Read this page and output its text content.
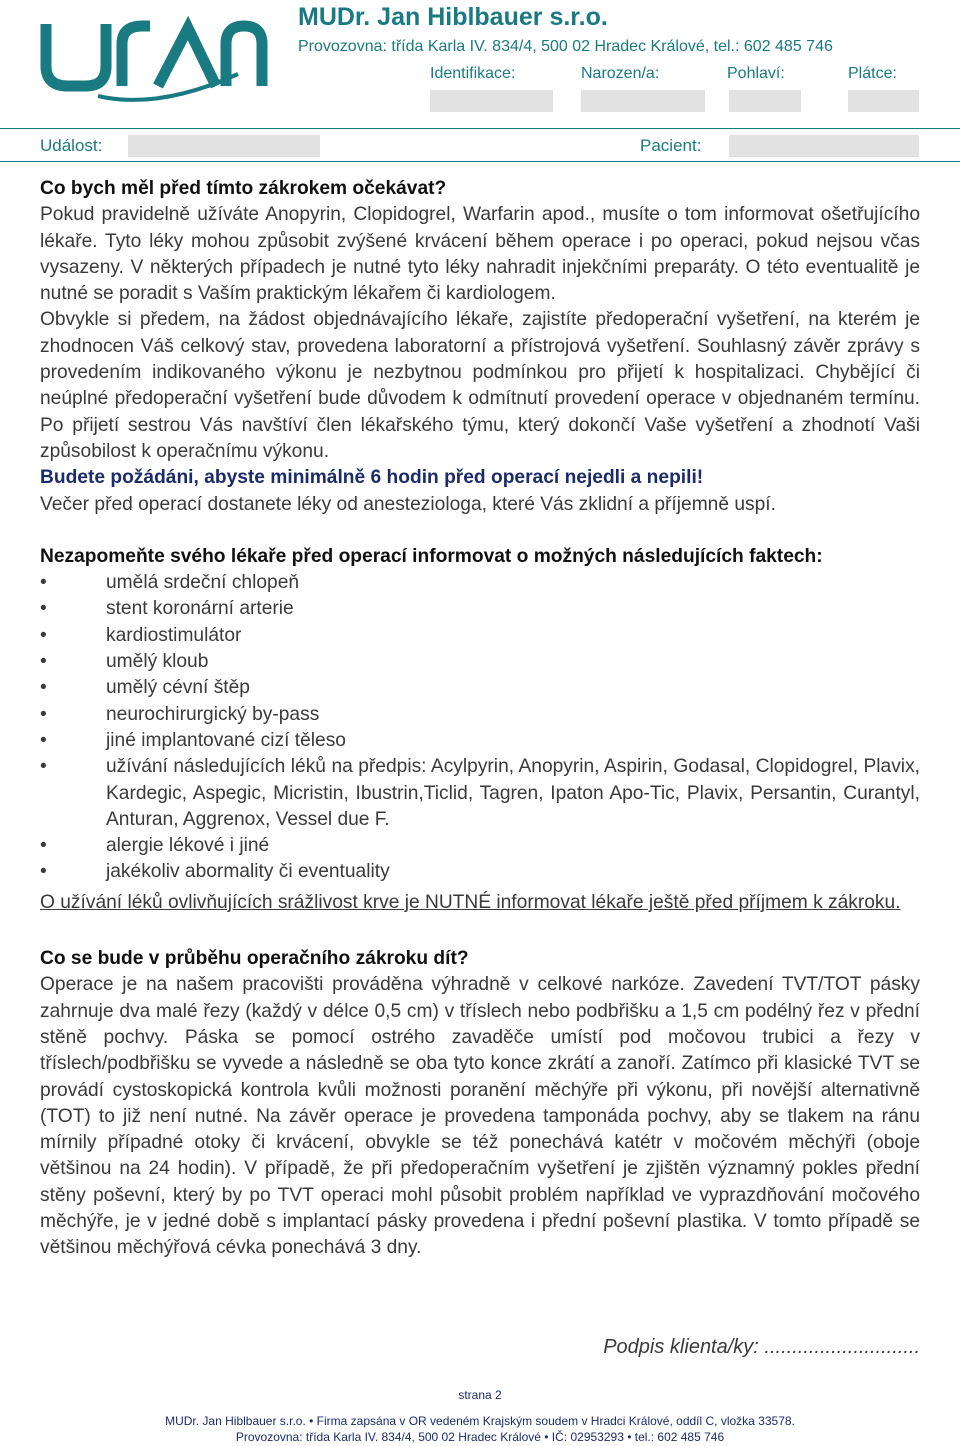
URAN	MUDr. Jan Hiblbauer s.r.o.
Provozovna: třída Karla IV. 834/4, 500 02 Hradec Králové, tel.: 602 485 746
Identifikace:	Narozen/a:	Pohlaví:	Plátce:
Událost:	Pacient:

Co bych měl před tímto zákrokem očekávat?

Pokud pravidelně užíváte Anopyrin, Clopidogrel, Warfarin apod., musíte o tom informovat ošetřujícího lékaře. Tyto léky mohou způsobit zvýšené krvácení během operace i po operaci, pokud nejsou včas vysazeny. V některých případech je nutné tyto léky nahradit injekčními preparáty. O této eventualitě je nutné se poradit s Vaším praktickým lékařem či kardiologem.

Obvykle si předem, na žádost objednávajícího lékaře, zajistíte předoperační vyšetření, na kterém je zhodnocen Váš celkový stav, provedena laboratorní a přístrojová vyšetření. Souhlasný závěr zprávy s provedením indikovaného výkonu je nezbytnou podmínkou pro přijetí k hospitalizaci. Chybějící či neúplné předoperační vyšetření bude důvodem k odmítnutí provedení operace v objednaném termínu. Po přijetí sestrou Vás navštíví člen lékařského týmu, který dokončí Vaše vyšetření a zhodnotí Vaši způsobilost k operačnímu výkonu.

Budete požádáni, abyste minimálně 6 hodin před operací nejedli a nepili!

Večer před operací dostanete léky od anesteziologa, které Vás zklidní a příjemně uspí.

Nezapomeňte svého lékaře před operací informovat o možných následujících faktech:

• umělá srdeční chlopeň
• stent koronární arterie
• kardiostimulátor
• umělý kloub
• umělý cévní štěp
• neurochirurgický by-pass
• jiné implantované cizí těleso
• užívání následujících léků na předpis: Acylpyrin, Anopyrin, Aspirin, Godasal, Clopidogrel, Plavix, Kardegic, Aspegic, Micristin, Ibustrin,Ticlid, Tagren, Ipaton Apo-Tic, Plavix, Persantin, Curantyl, Anturan, Aggrenox, Vessel due F.
• alergie lékové i jiné
• jakékoliv abormality či eventuality

O užívání léků ovlivňujících srážlivost krve je NUTNÉ informovat lékaře ještě před příjmem k zákroku.

Co se bude v průběhu operačního zákroku dít?

Operace je na našem pracovišti prováděna výhradně v celkové narkóze. Zavedení TVT/TOT pásky zahrnuje dva malé řezy (každý v délce 0,5 cm) v tříslech nebo podbřišku a 1,5 cm podélný řez v přední stěně pochvy. Páska se pomocí ostrého zavaděče umístí pod močovou trubici a řezy v tříslech/podbřišku se vyvede a následně se oba tyto konce zkrátí a zanoří. Zatímco při klasické TVT se provádí cystoskopická kontrola kvůli možnosti poranění měchýře při výkonu, při novější alternativně (TOT) to již není nutné. Na závěr operace je provedena tamponáda pochvy, aby se tlakem na ránu mírnily případné otoky či krvácení, obvykle se též ponechává katétr v močovém měchýři (oboje většinou na 24 hodin). V případě, že při předoperačním vyšetření je zjištěn významný pokles přední stěny poševní, který by po TVT operaci mohl působit problém například ve vyprazdňování močového měchýře, je v jedné době s implantací pásky provedena i přední poševní plastika. V tomto případě se většinou měchýřová cévka ponechává 3 dny.

Podpis klienta/ky: ............................
strana 2
MUDr. Jan Hiblbauer s.r.o. • Firma zapsána v OR vedeném Krajským soudem v Hradci Králové, oddíl C, vložka 33578.
Provozovna: třída Karla IV. 834/4, 500 02 Hradec Králové • IČ: 02953293 • tel.: 602 485 746
